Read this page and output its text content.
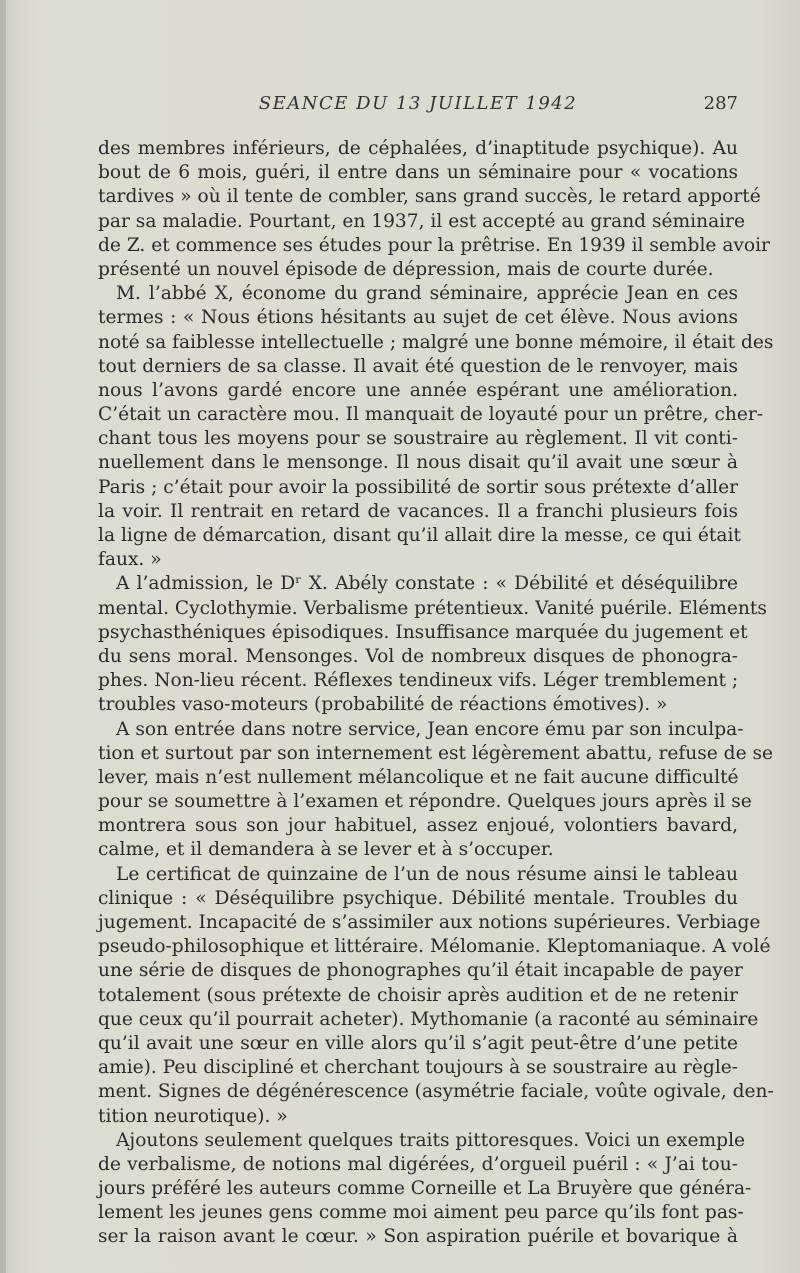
SEANCE DU 13 JUILLET 1942	287
des membres inférieurs, de céphalées, d’inaptitude psychique). Au
bout de 6 mois, guéri, il entre dans un séminaire pour « vocations
tardives » où il tente de combler, sans grand succès, le retard apporté
par sa maladie. Pourtant, en 1937, il est accepté au grand séminaire
de Z. et commence ses études pour la prêtrise. En 1939 il semble avoir
présenté un nouvel épisode de dépression, mais de courte durée.
M. l’abbé X, économe du grand séminaire, apprécie Jean en ces
termes : « Nous étions hésitants au sujet de cet élève. Nous avions
noté sa faiblesse intellectuelle ; malgré une bonne mémoire, il était des
tout derniers de sa classe. Il avait été question de le renvoyer, mais
nous l’avons gardé encore une année espérant une amélioration.
C’était un caractère mou. Il manquait de loyauté pour un prêtre, cher-
chant tous les moyens pour se soustraire au règlement. Il vit conti-
nuellement dans le mensonge. Il nous disait qu’il avait une sœur à
Paris ; c’était pour avoir la possibilité de sortir sous prétexte d’aller
la voir. Il rentrait en retard de vacances. Il a franchi plusieurs fois
la ligne de démarcation, disant qu’il allait dire la messe, ce qui était
faux. »
A l’admission, le Dʳ X. Abély constate : « Débilité et déséquilibre
mental. Cyclothymie. Verbalisme prétentieux. Vanité puérile. Eléments
psychasthéniques épisodiques. Insuffisance marquée du jugement et
du sens moral. Mensonges. Vol de nombreux disques de phonogra-
phes. Non-lieu récent. Réflexes tendineux vifs. Léger tremblement ;
troubles vaso-moteurs (probabilité de réactions émotives). »
A son entrée dans notre service, Jean encore ému par son inculpa-
tion et surtout par son internement est légèrement abattu, refuse de se
lever, mais n’est nullement mélancolique et ne fait aucune difficulté
pour se soumettre à l’examen et répondre. Quelques jours après il se
montrera sous son jour habituel, assez enjoué, volontiers bavard,
calme, et il demandera à se lever et à s’occuper.
Le certificat de quinzaine de l’un de nous résume ainsi le tableau
clinique : « Déséquilibre psychique. Débilité mentale. Troubles du
jugement. Incapacité de s’assimiler aux notions supérieures. Verbiage
pseudo-philosophique et littéraire. Mélomanie. Kleptomaniaque. A volé
une série de disques de phonographes qu’il était incapable de payer
totalement (sous prétexte de choisir après audition et de ne retenir
que ceux qu’il pourrait acheter). Mythomanie (a raconté au séminaire
qu’il avait une sœur en ville alors qu’il s’agit peut-être d’une petite
amie). Peu discipliné et cherchant toujours à se soustraire au règle-
ment. Signes de dégénérescence (asymétrie faciale, voûte ogivale, den-
tition neurotique). »
Ajoutons seulement quelques traits pittoresques. Voici un exemple
de verbalisme, de notions mal digérées, d’orgueil puéril : « J’ai tou-
jours préféré les auteurs comme Corneille et La Bruyère que généra-
lement les jeunes gens comme moi aiment peu parce qu’ils font pas-
ser la raison avant le cœur. » Son aspiration puérile et bovarique à
